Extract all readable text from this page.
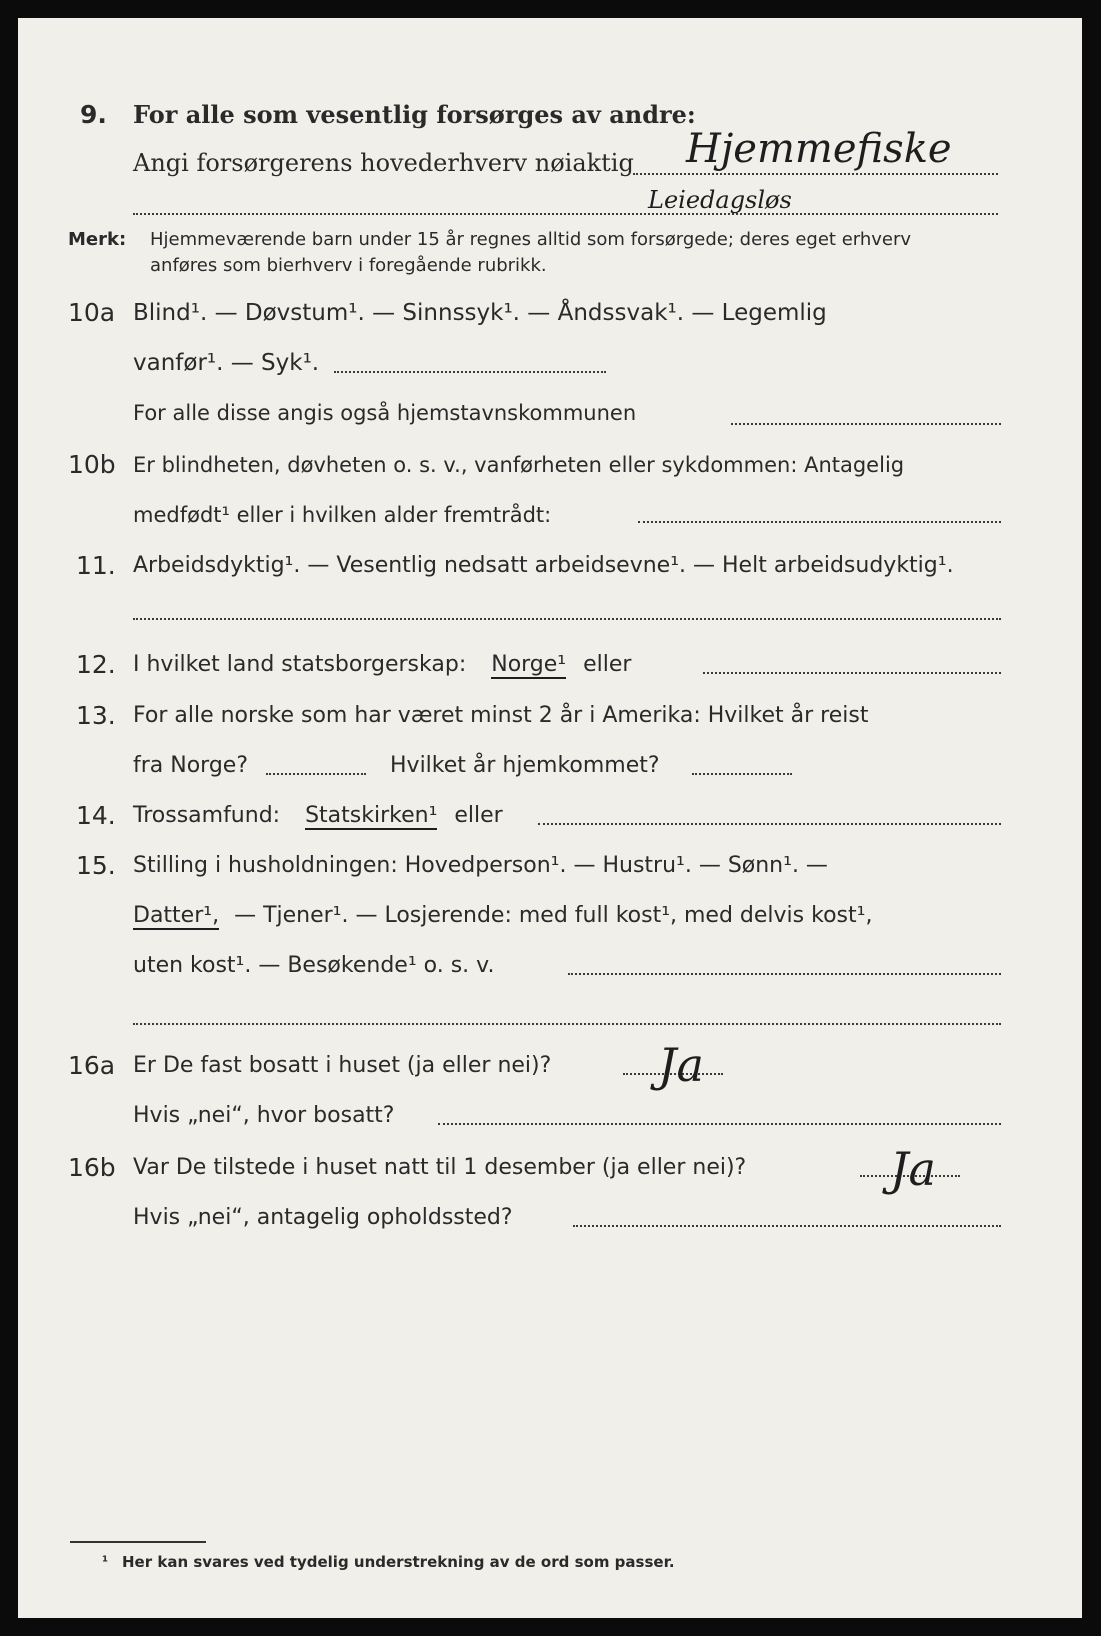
9. For alle som vesentlig forsørges av andre:
Angi forsørgerens hovederhverv nøiaktig Hjemmefiske
Leiedagsløs
Merk: Hjemmeværende barn under 15 år regnes alltid som forsørgede; deres eget erhverv
anføres som bierhverv i foregående rubrikk.
10a Blind¹. — Døvstum¹. — Sinnssyk¹. — Åndssvak¹. — Legemlig
vanfør¹. — Syk¹.
For alle disse angis også hjemstavnskommunen
10b Er blindheten, døvheten o. s. v., vanførheten eller sykdommen: Antagelig
medfødt¹ eller i hvilken alder fremtrådt:
11. Arbeidsdyktig¹. — Vesentlig nedsatt arbeidsevne¹. — Helt arbeidsudyktig¹.
12. I hvilket land statsborgerskap: Norge¹ eller
13. For alle norske som har været minst 2 år i Amerika: Hvilket år reist
fra Norge?	Hvilket år hjemkommet?
14. Trossamfund: Statskirken¹ eller
15. Stilling i husholdningen: Hovedperson¹. — Hustru¹. — Sønn¹. —
Datter¹, — Tjener¹. — Losjerende: med full kost¹, med delvis kost¹,
uten kost¹. — Besøkende¹ o. s. v.
16a Er De fast bosatt i huset (ja eller nei)? Ja
Hvis „nei“, hvor bosatt?
16b Var De tilstede i huset natt til 1 desember (ja eller nei)?	Ja
Hvis „nei“, antagelig opholdssted?
¹ Her kan svares ved tydelig understrekning av de ord som passer.
